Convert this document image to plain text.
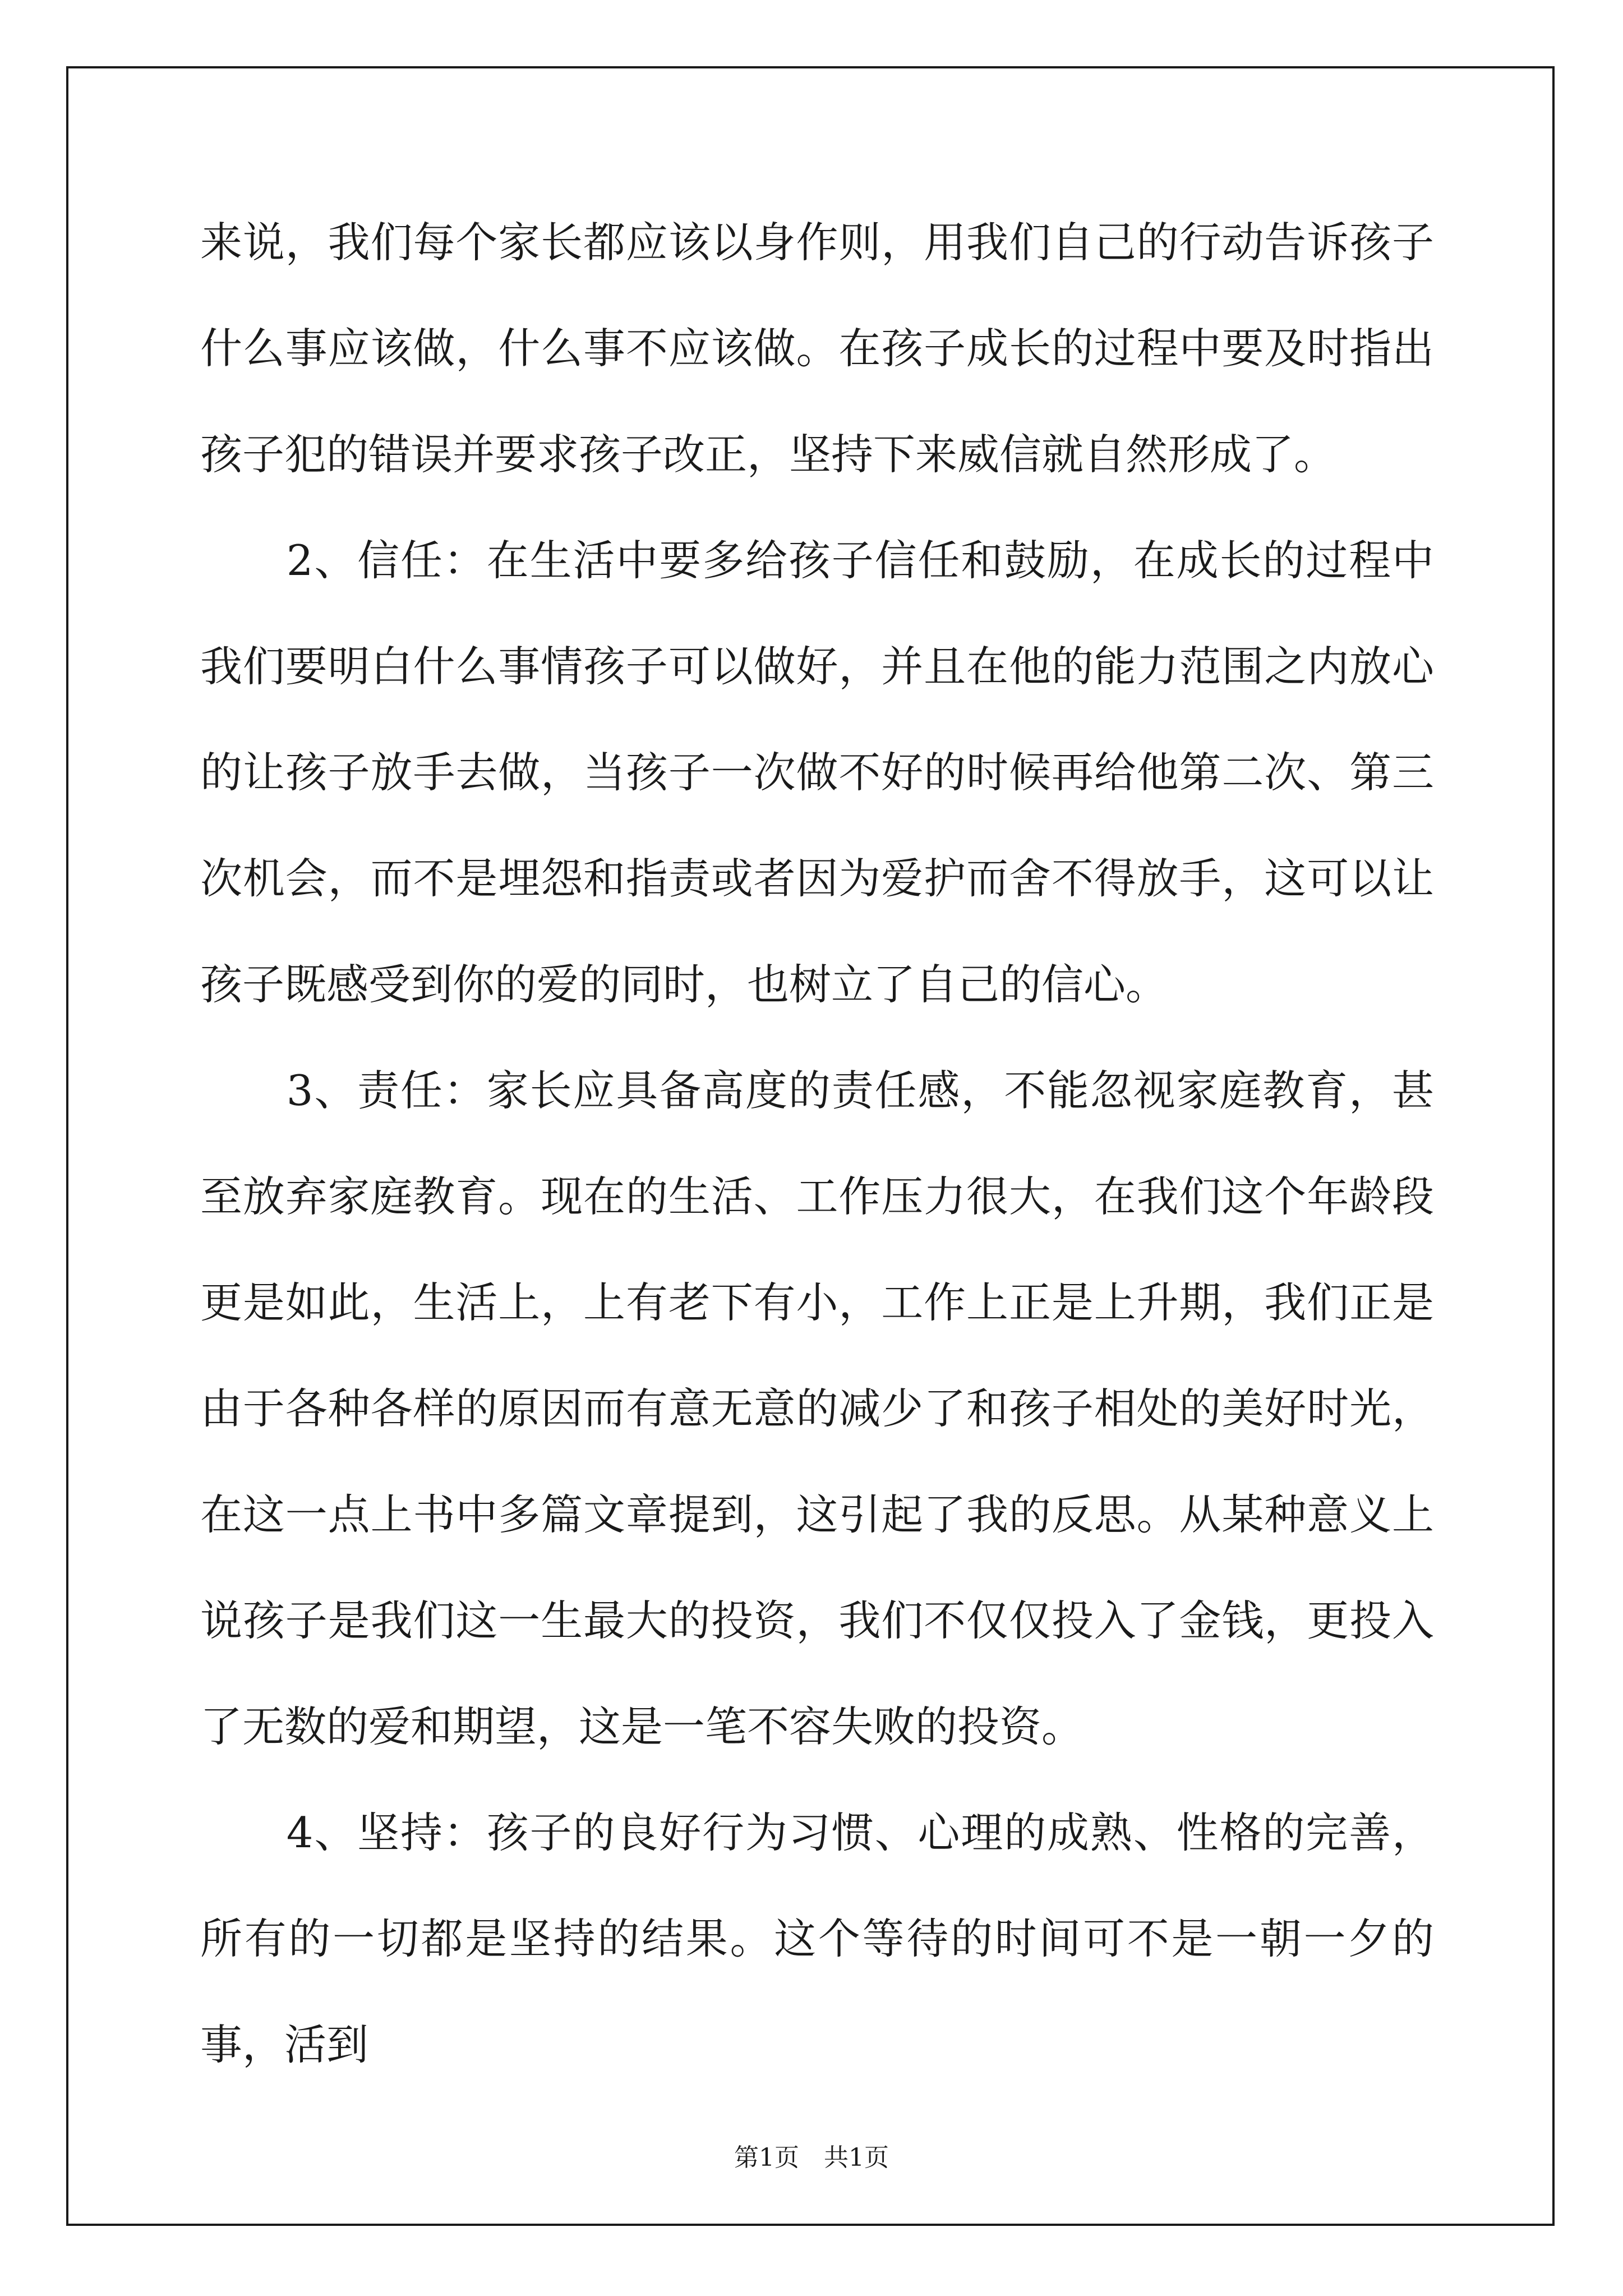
来说，我们每个家长都应该以身作则，用我们自己的行动告诉孩子什么事应该做，什么事不应该做。在孩子成长的过程中要及时指出孩子犯的错误并要求孩子改正，坚持下来威信就自然形成了。

　　2、信任：在生活中要多给孩子信任和鼓励，在成长的过程中我们要明白什么事情孩子可以做好，并且在他的能力范围之内放心的让孩子放手去做，当孩子一次做不好的时候再给他第二次、第三次机会，而不是埋怨和指责或者因为爱护而舍不得放手，这可以让孩子既感受到你的爱的同时，也树立了自己的信心。

　　3、责任：家长应具备高度的责任感，不能忽视家庭教育，甚至放弃家庭教育。现在的生活、工作压力很大，在我们这个年龄段更是如此，生活上，上有老下有小，工作上正是上升期，我们正是由于各种各样的原因而有意无意的减少了和孩子相处的美好时光，在这一点上书中多篇文章提到，这引起了我的反思。从某种意义上说孩子是我们这一生最大的投资，我们不仅仅投入了金钱，更投入了无数的爱和期望，这是一笔不容失败的投资。

　　4、坚持：孩子的良好行为习惯、心理的成熟、性格的完善，所有的一切都是坚持的结果。这个等待的时间可不是一朝一夕的事，活到

第1页　共1页
